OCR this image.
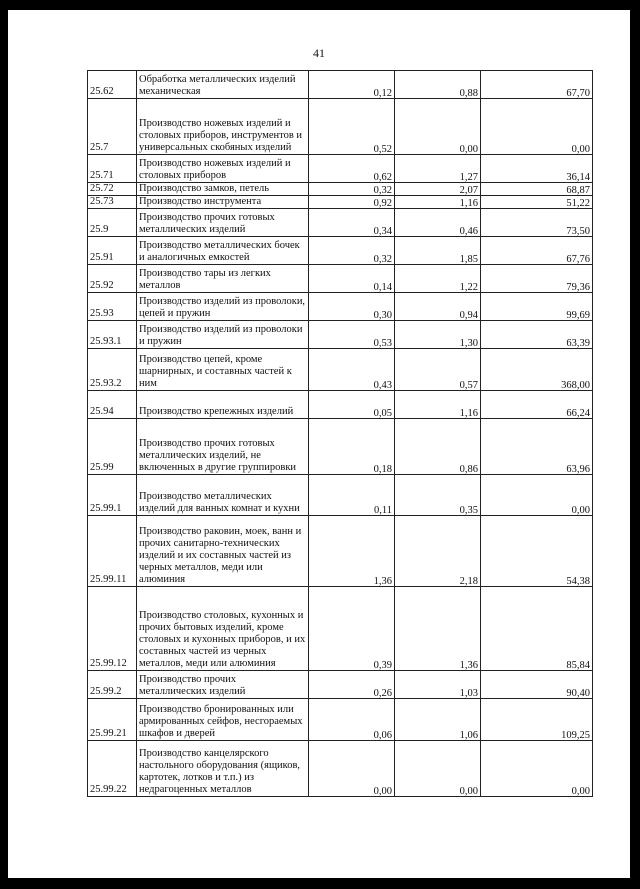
41
25.62	Обработка металлических изделий механическая	0,12	0,88	67,70
25.7	Производство ножевых изделий и столовых приборов, инструментов и универсальных скобяных изделий	0,52	0,00	0,00
25.71	Производство ножевых изделий и столовых приборов	0,62	1,27	36,14
25.72	Производство замков, петель	0,32	2,07	68,87
25.73	Производство инструмента	0,92	1,16	51,22
25.9	Производство прочих готовых металлических изделий	0,34	0,46	73,50
25.91	Производство металлических бочек и аналогичных емкостей	0,32	1,85	67,76
25.92	Производство тары из легких металлов	0,14	1,22	79,36
25.93	Производство изделий из проволоки, цепей и пружин	0,30	0,94	99,69
25.93.1	Производство изделий из проволоки и пружин	0,53	1,30	63,39
25.93.2	Производство цепей, кроме шарнирных, и составных частей к ним	0,43	0,57	368,00
25.94	Производство крепежных изделий	0,05	1,16	66,24
25.99	Производство прочих готовых металлических изделий, не включенных в другие группировки	0,18	0,86	63,96
25.99.1	Производство металлических изделий для ванных комнат и кухни	0,11	0,35	0,00
25.99.11	Производство раковин, моек, ванн и прочих санитарно-технических изделий и их составных частей из черных металлов, меди или алюминия	1,36	2,18	54,38
25.99.12	Производство столовых, кухонных и прочих бытовых изделий, кроме столовых и кухонных приборов, и их составных частей из черных металлов, меди или алюминия	0,39	1,36	85,84
25.99.2	Производство прочих металлических изделий	0,26	1,03	90,40
25.99.21	Производство бронированных или армированных сейфов, несгораемых шкафов и дверей	0,06	1,06	109,25
25.99.22	Производство канцелярского настольного оборудования (ящиков, картотек, лотков и т.п.) из недрагоценных металлов	0,00	0,00	0,00
